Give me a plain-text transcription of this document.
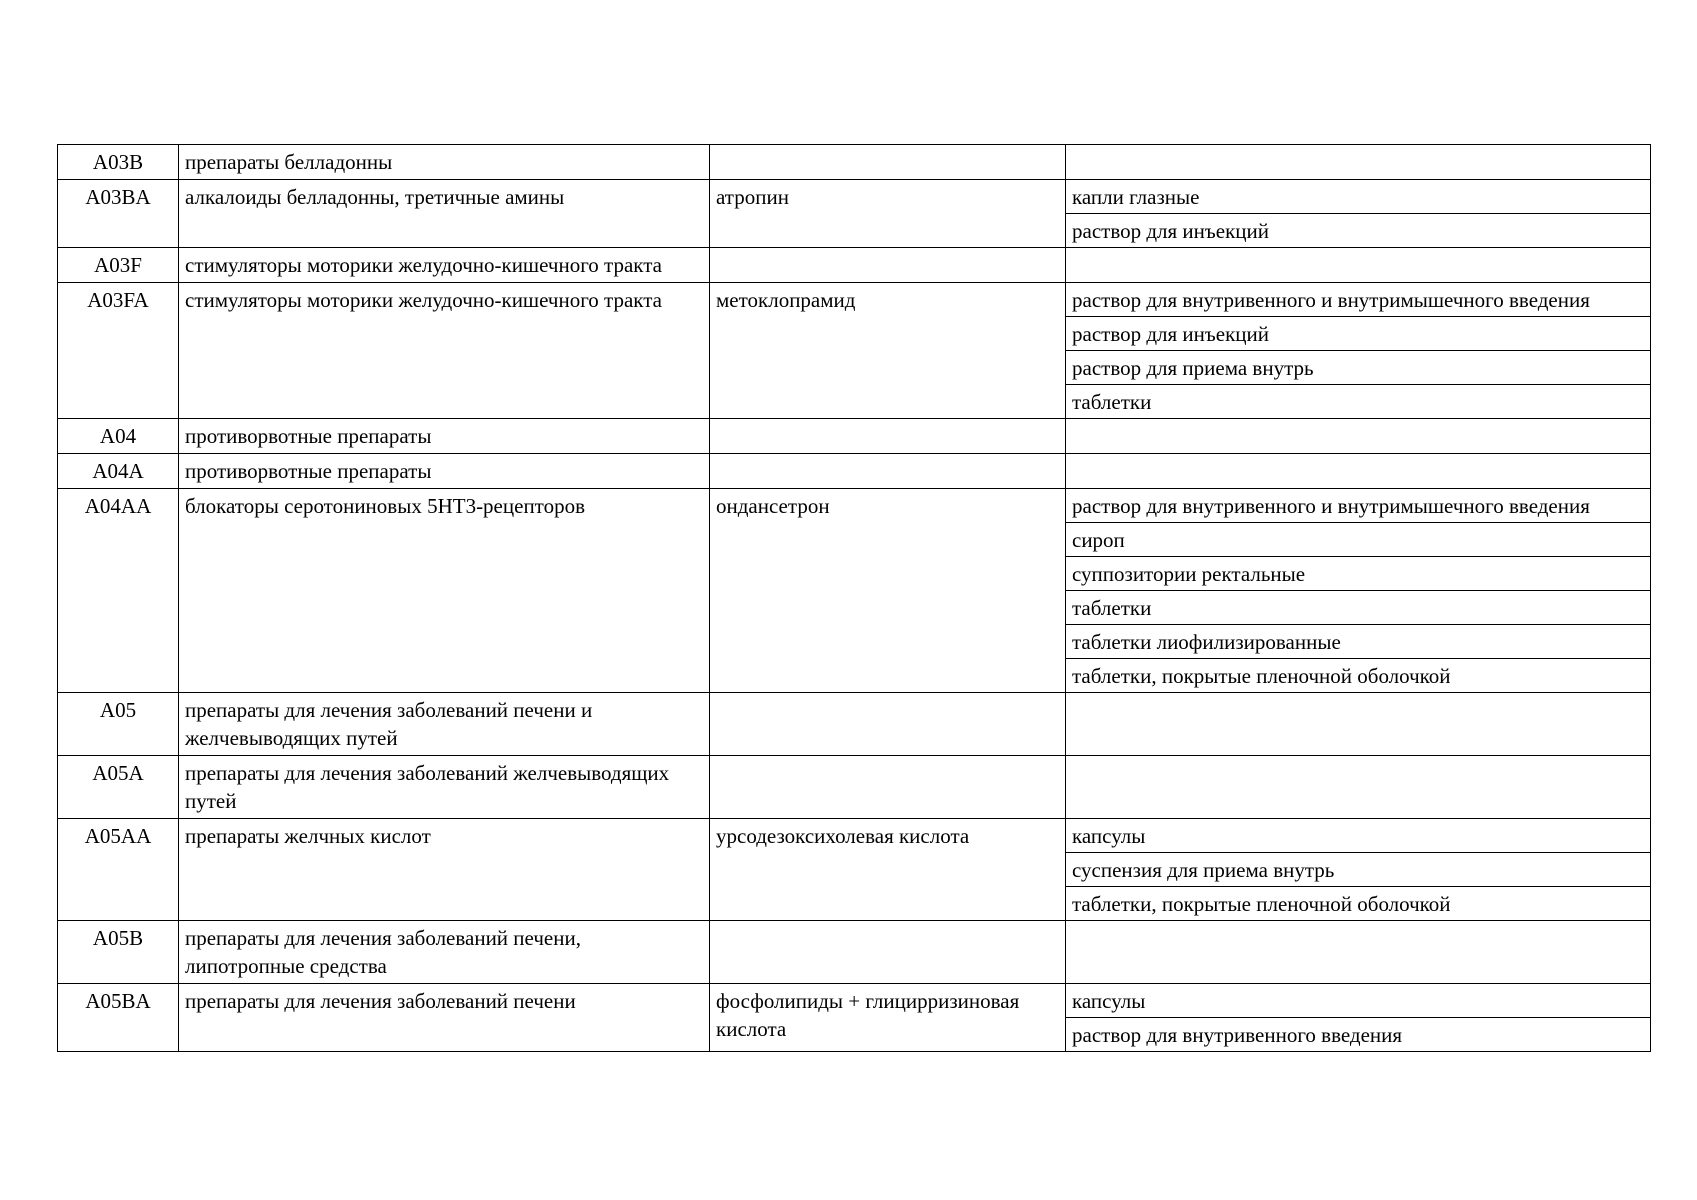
A03B	препараты белладонны		
A03BA	алкалоиды белладонны, третичные амины	атропин	капли глазные
			раствор для инъекций
A03F	стимуляторы моторики желудочно-кишечного тракта		
A03FA	стимуляторы моторики желудочно-кишечного тракта	метоклопрамид	раствор для внутривенного и внутримышечного введения
			раствор для инъекций
			раствор для приема внутрь
			таблетки
A04	противорвотные препараты		
A04A	противорвотные препараты		
A04AA	блокаторы серотониновых 5HT3-рецепторов	ондансетрон	раствор для внутривенного и внутримышечного введения
			сироп
			суппозитории ректальные
			таблетки
			таблетки лиофилизированные
			таблетки, покрытые пленочной оболочкой
A05	препараты для лечения заболеваний печени и желчевыводящих путей		
A05A	препараты для лечения заболеваний желчевыводящих путей		
A05AA	препараты желчных кислот	урсодезоксихолевая кислота	капсулы
			суспензия для приема внутрь
			таблетки, покрытые пленочной оболочкой
A05B	препараты для лечения заболеваний печени, липотропные средства		
A05BA	препараты для лечения заболеваний печени	фосфолипиды + глицирризиновая кислота	капсулы
			раствор для внутривенного введения
